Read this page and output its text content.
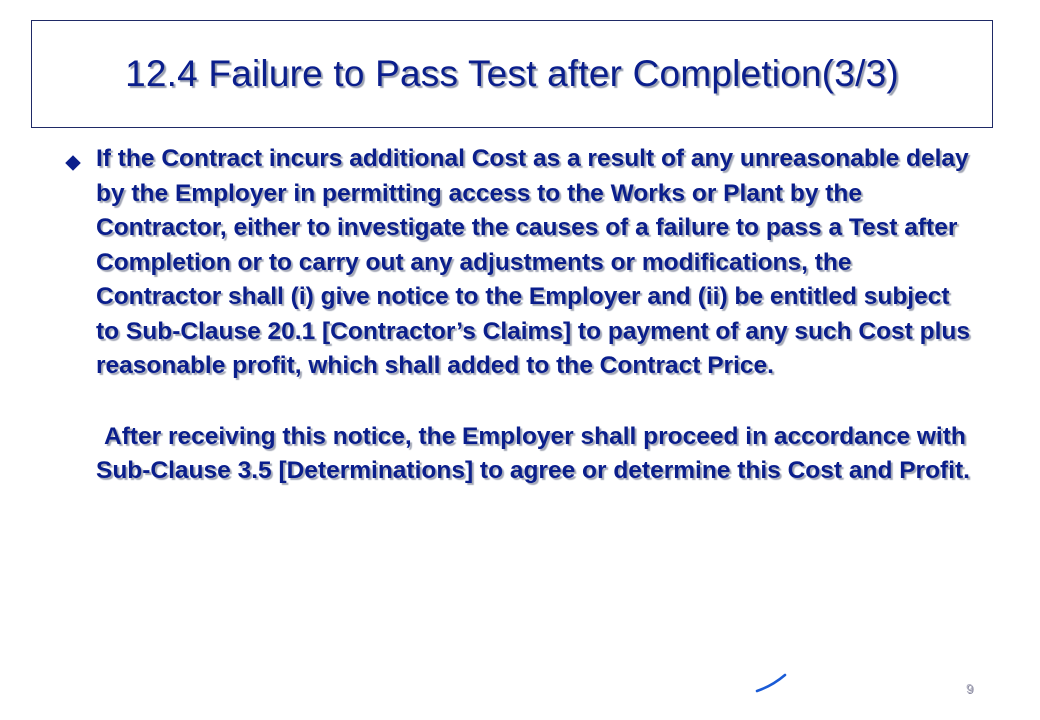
12.4 Failure to Pass Test after Completion(3/3)
If the Contract incurs additional Cost as a result of any unreasonable delay by the Employer in permitting access to the Works or Plant by the Contractor, either to investigate the causes of a failure to pass a Test after Completion or to carry out any adjustments or modifications, the Contractor shall (i) give notice to the Employer and (ii) be entitled subject to Sub-Clause 20.1 [Contractor’s Claims] to payment of any such Cost plus reasonable profit, which shall added to the Contract Price.
After receiving this notice, the Employer shall proceed in accordance with Sub-Clause 3.5 [Determinations] to agree or determine this Cost and Profit.
9
